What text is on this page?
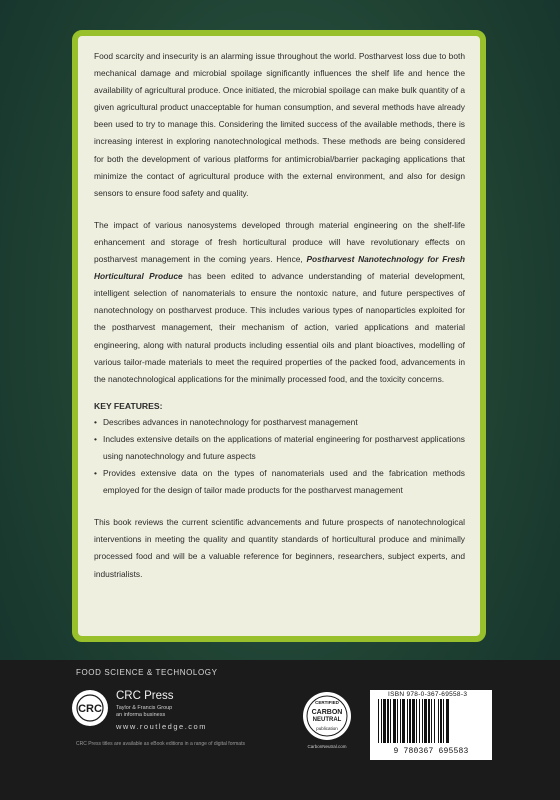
Food scarcity and insecurity is an alarming issue throughout the world. Postharvest loss due to both mechanical damage and microbial spoilage significantly influences the shelf life and hence the availability of agricultural produce. Once initiated, the microbial spoilage can make bulk quantity of a given agricultural product unacceptable for human consumption, and several methods have already been used to try to manage this. Considering the limited success of the available methods, there is increasing interest in exploring nanotechnological methods. These methods are being considered for both the development of various platforms for antimicrobial/barrier packaging applications that minimize the contact of agricultural produce with the external environment, and also for design sensors to ensure food safety and quality.

The impact of various nanosystems developed through material engineering on the shelf-life enhancement and storage of fresh horticultural produce will have revolutionary effects on postharvest management in the coming years. Hence, Postharvest Nanotechnology for Fresh Horticultural Produce has been edited to advance understanding of material development, intelligent selection of nanomaterials to ensure the nontoxic nature, and future perspectives of nanotechnology on postharvest produce. This includes various types of nanoparticles exploited for the postharvest management, their mechanism of action, varied applications and material engineering, along with natural products including essential oils and plant bioactives, modelling of various tailor-made materials to meet the required properties of the packed food, advancements in the nanotechnological applications for the minimally processed food, and the toxicity concerns.

KEY FEATURES:

• Describes advances in nanotechnology for postharvest management
• Includes extensive details on the applications of material engineering for postharvest applications using nanotechnology and future aspects
• Provides extensive data on the types of nanomaterials used and the fabrication methods employed for the design of tailor made products for the postharvest management

This book reviews the current scientific advancements and future prospects of nanotechnological interventions in meeting the quality and quantity standards of horticultural produce and minimally processed food and will be a valuable reference for beginners, researchers, subject experts, and industrialists.

FOOD SCIENCE & TECHNOLOGY
CRC
CRC Press
Taylor & Francis Group
an informa business
www.routledge.com
CRC Press titles are available as eBook editions in a range of digital formats
CERTIFIED
CARBON
NEUTRAL
publication
CarbonNeutral.com
ISBN 978-0-367-69558-3
9 780367 695583
